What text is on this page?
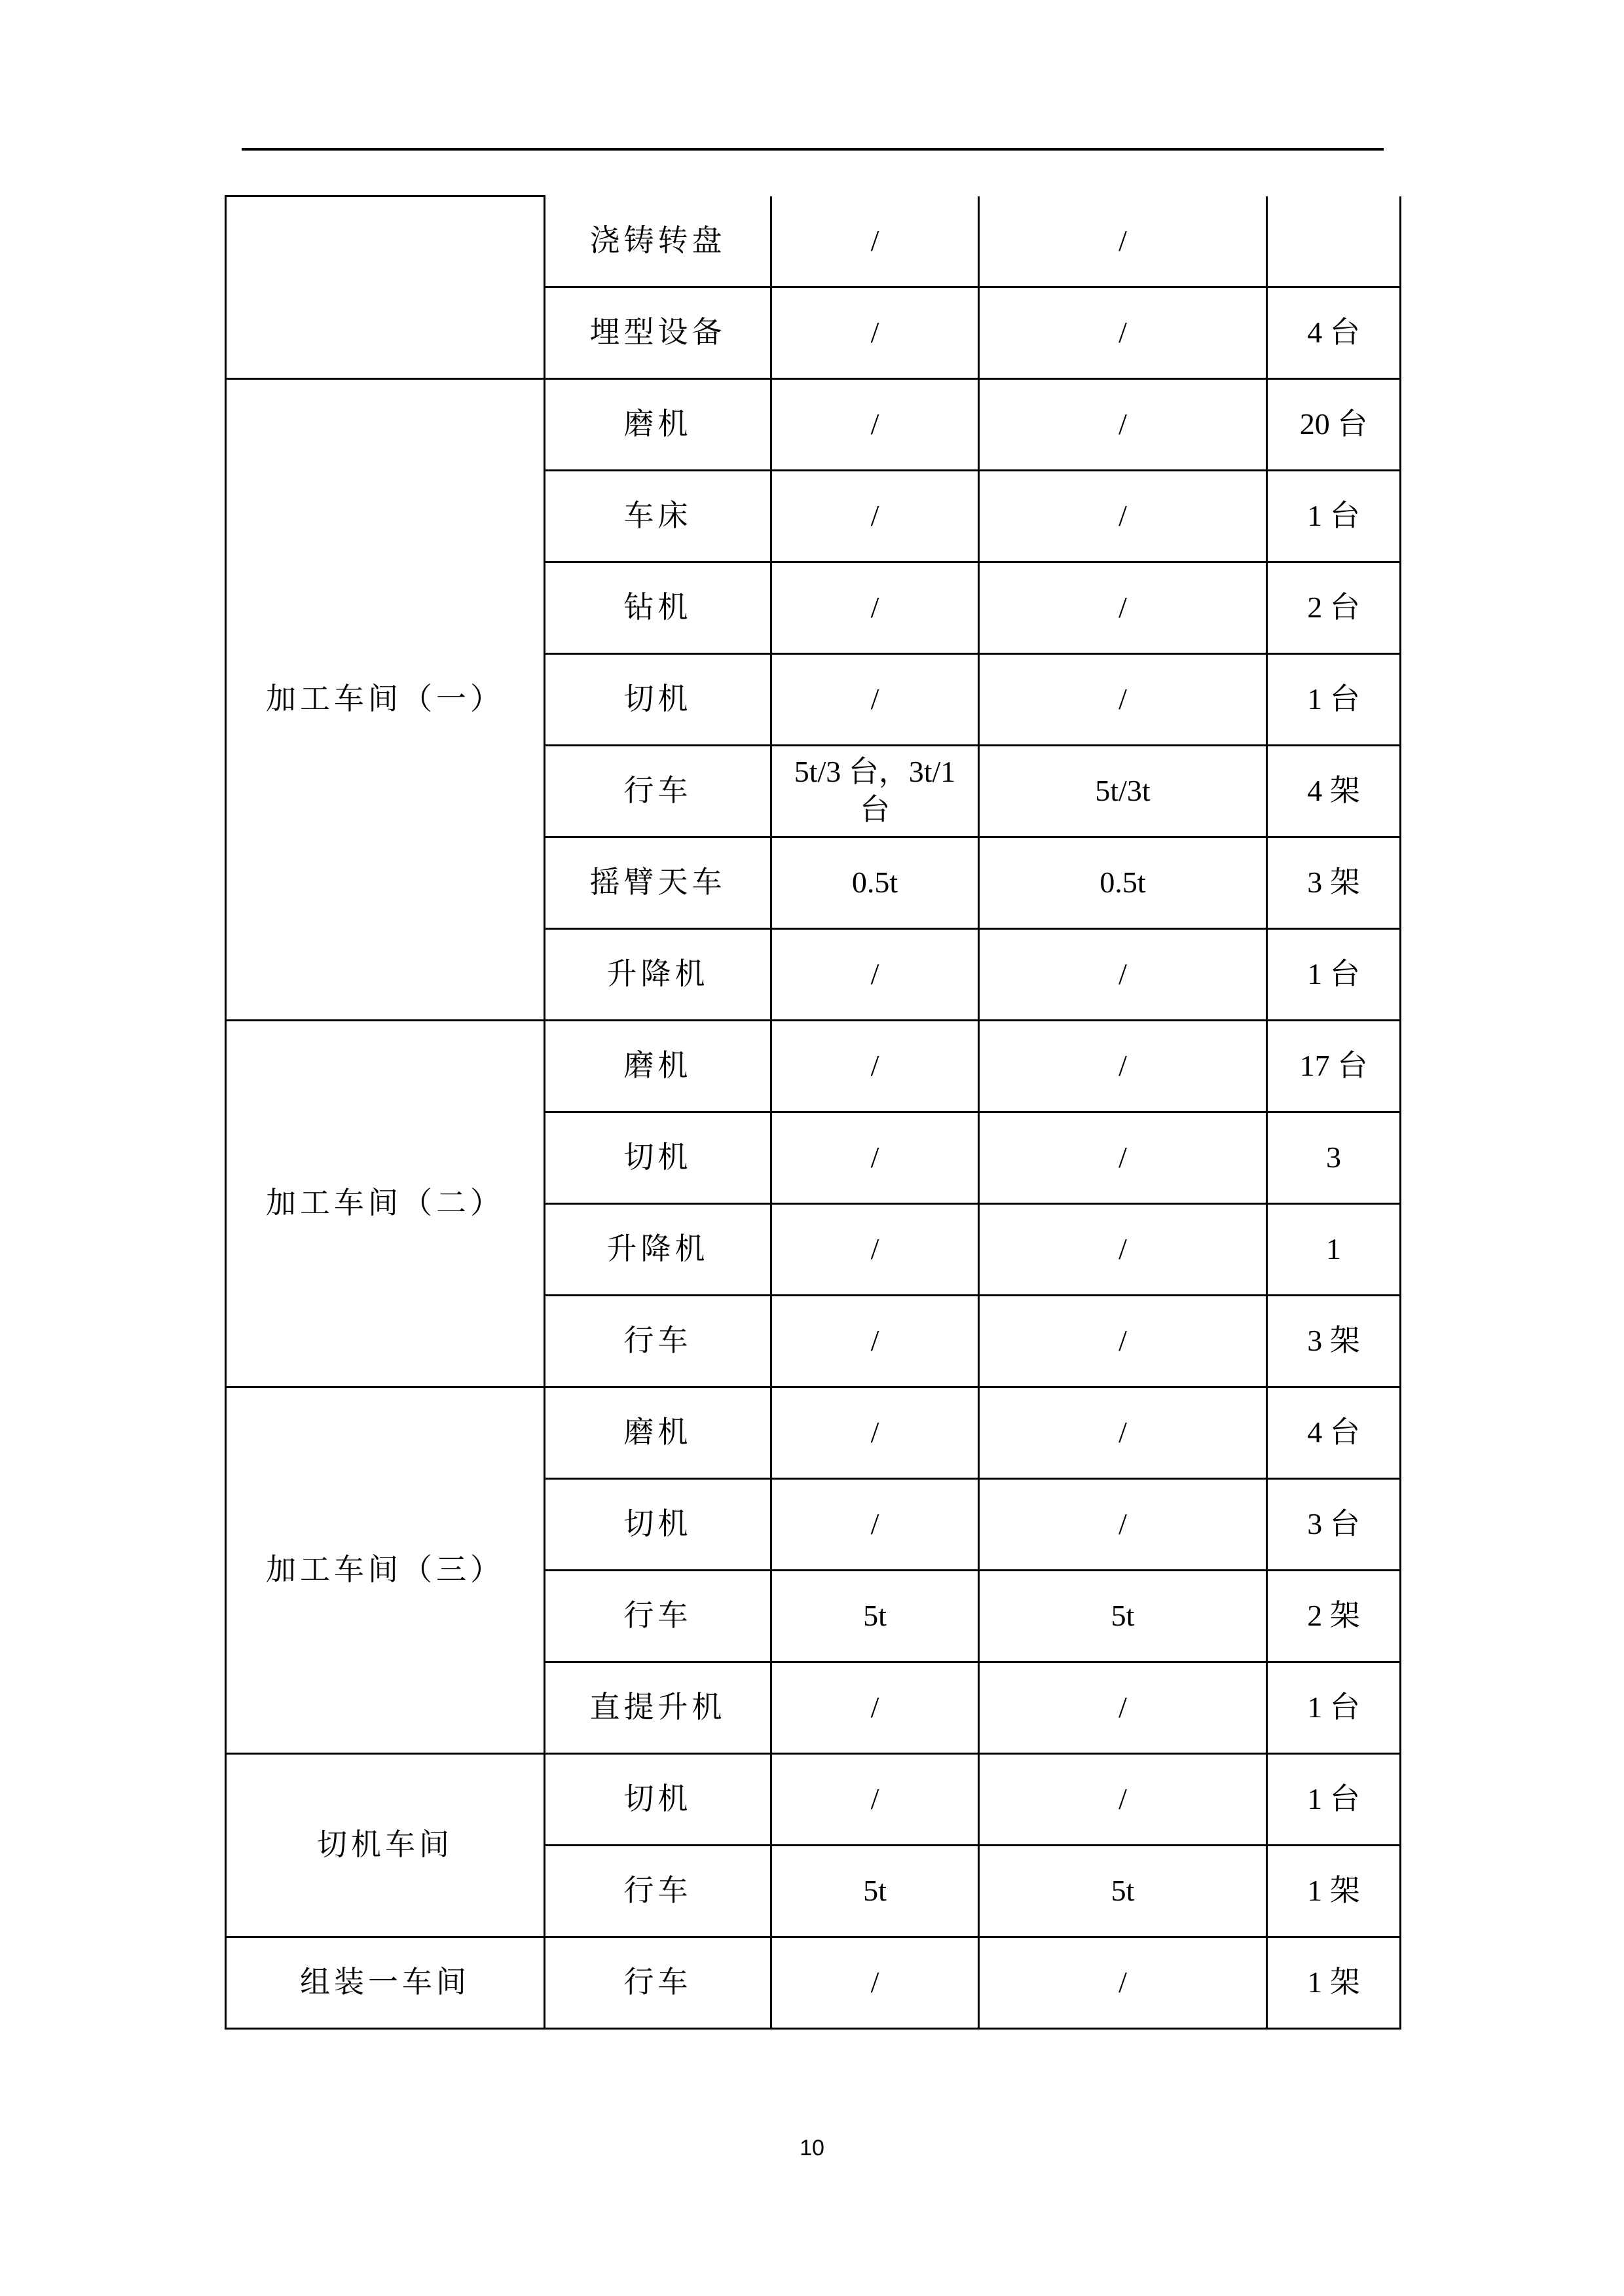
	浇铸转盘	/	/	
	埋型设备	/	/	4 台
加工车间（一）	磨机	/	/	20 台
	车床	/	/	1 台
	钻机	/	/	2 台
	切机	/	/	1 台
	行车	5t/3 台，3t/1 台	5t/3t	4 架
	摇臂天车	0.5t	0.5t	3 架
	升降机	/	/	1 台
加工车间（二）	磨机	/	/	17 台
	切机	/	/	3
	升降机	/	/	1
	行车	/	/	3 架
加工车间（三）	磨机	/	/	4 台
	切机	/	/	3 台
	行车	5t	5t	2 架
	直提升机	/	/	1 台
切机车间	切机	/	/	1 台
	行车	5t	5t	1 架
组装一车间	行车	/	/	1 架
10
